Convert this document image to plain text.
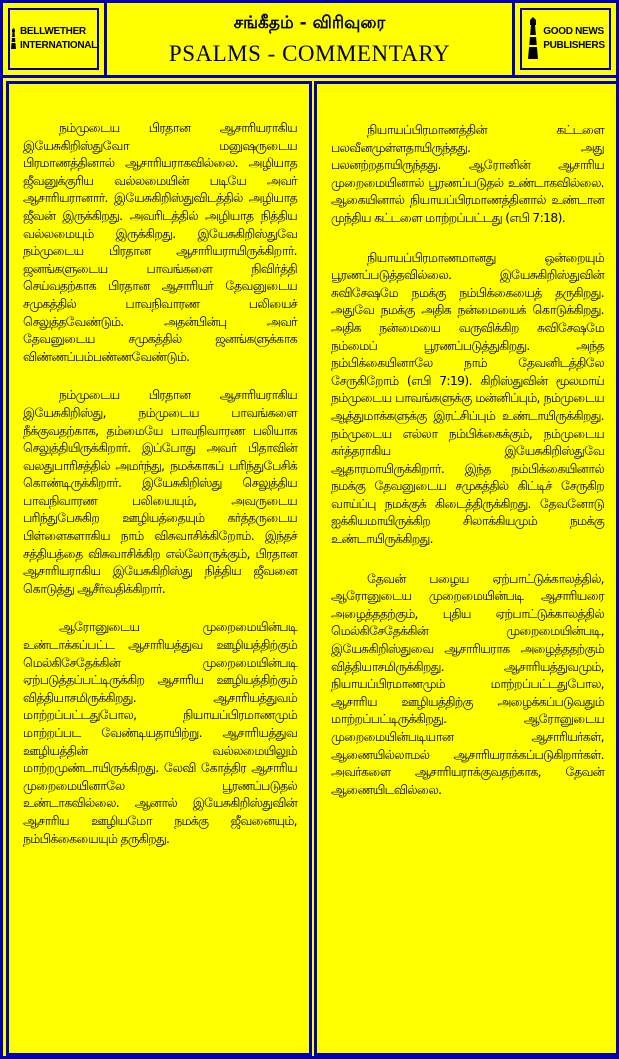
BELLWETHER
INTERNATIONAL
சங்கீதம் - விரிவுரை
PSALMS - COMMENTARY
GOOD NEWS
PUBLISHERS

நம்முடைய பிரதான ஆசாரியராகிய இயேசுகிறிஸ்துவோ மனுஷருடைய பிரமாணத்தினால் ஆசாரியராகவில்லை. அழியாத ஜீவனுக்குரிய வல்லமையின் படியே அவர் ஆசாரியரானார். இயேசுகிறிஸ்துவிடத்தில் அழியாத ஜீவன் இருக்கிறது. அவரிடத்தில் அழியாத நித்திய வல்லமையும் இருக்கிறது. இயேசுகிறிஸ்துவே நம்முடைய பிரதான ஆசாரியராயிருக்கிறார். ஜனங்களுடைய பாவங்களை நிவிர்த்தி செய்வதற்காக பிரதான ஆசாரியர் தேவனுடைய சமுகத்தில் பாவநிவாரண பலியைச் செலுத்தவேண்டும். அதன்பின்பு அவர் தேவனுடைய சமுகத்தில் ஜனங்களுக்காக விண்ணப்பம்பண்ணவேண்டும்.

நம்முடைய பிரதான ஆசாரியராகிய இயேசுகிறிஸ்து, நம்முடைய பாவங்களை நீக்குவதற்காக, தம்மையே பாவநிவாரண பலியாக செலுத்தியிருக்கிறார். இப்போது அவர் பிதாவின் வலதுபாரிசத்தில் அமர்ந்து, நமக்காகப் பரிந்துபேசிக் கொண்டிருக்கிறார். இயேசுகிறிஸ்து செலுத்திய பாவநிவாரண பலியையும், அவருடைய பரிந்துபேசுகிற ஊழியத்தையும் கர்த்தருடைய பிள்ளைகளாகிய நாம் விசுவாசிக்கிறோம். இந்தச் சத்தியத்தை விசுவாசிக்கிற எல்லோருக்கும், பிரதான ஆசாரியராகிய இயேசுகிறிஸ்து நித்திய ஜீவனை கொடுத்து ஆசீர்வதிக்கிறார்.

ஆரோனுடைய முறைமையின்படி உண்டாக்கப்பட்ட ஆசாரியத்துவ ஊழியத்திற்கும் மெல்கிசேதேக்கின் முறைமையின்படி ஏற்படுத்தப்பட்டிருக்கிற ஆசாரிய ஊழியத்திற்கும் வித்தியாசமிருக்கிறது. ஆசாரியத்துவம் மாற்றப்பட்டதுபோல, நியாயப்பிரமாணமும் மாற்றப்பட வேண்டியதாயிற்று. ஆசாரியத்துவ ஊழியத்தின் வல்லமையிலும் மாற்றமுண்டாயிருக்கிறது. லேவி கோத்திர ஆசாரிய முறைமையினாலே பூரணப்படுதல் உண்டாகவில்லை. ஆனால் இயேசுகிறிஸ்துவின் ஆசாரிய ஊழியமோ நமக்கு ஜீவனையும், நம்பிக்கையையும் தருகிறது.

நியாயப்பிரமாணத்தின் கட்டளை பலவீனமுள்ளதாயிருந்தது. அது பலனற்றதாயிருந்தது. ஆரோனின் ஆசாரிய முறைமையினால் பூரணப்படுதல் உண்டாகவில்லை. ஆகையினால் நியாயப்பிரமாணத்தினால் உண்டான முந்திய கட்டளை மாற்றப்பட்டது (எபி 7:18).

நியாயப்பிரமாணமானது ஒன்றையும் பூரணப்படுத்தவில்லை. இயேசுகிறிஸ்துவின் சுவிசேஷமே நமக்கு நம்பிக்கையைத் தருகிறது. அதுவே நமக்கு அதிக நன்மையைக் கொடுக்கிறது. அதிக நன்மையை வருவிக்கிற சுவிசேஷமே நம்மைப் பூரணப்படுத்துகிறது. அந்த நம்பிக்கையினாலே நாம் தேவனிடத்திலே சேருகிறோம் (எபி 7:19). கிறிஸ்துவின் மூலமாய் நம்முடைய பாவங்களுக்கு மன்னிப்பும், நம்முடைய ஆத்துமாக்களுக்கு இரட்சிப்பும் உண்டாயிருக்கிறது. நம்முடைய எல்லா நம்பிக்கைக்கும், நம்முடைய கர்த்தராகிய இயேசுகிறிஸ்துவே ஆதாரமாயிருக்கிறார். இந்த நம்பிக்கையினால் நமக்கு தேவனுடைய சமுகத்தில் கிட்டிச் சேருகிற வாய்ப்பு நமக்குக் கிடைத்திருக்கிறது. தேவனோடு ஐக்கியமாயிருக்கிற சிலாக்கியமும் நமக்கு உண்டாயிருக்கிறது.

தேவன் பழைய ஏற்பாட்டுக்காலத்தில், ஆரோனுடைய முறைமையின்படி ஆசாரியரை அழைத்ததற்கும், புதிய ஏற்பாட்டுக்காலத்தில் மெல்கிசேதேக்கின் முறைமையின்படி, இயேசுகிறிஸ்துவை ஆசாரியராக அழைத்ததற்கும் வித்தியாசமிருக்கிறது. ஆசாரியத்துவமும், நியாயப்பிரமாணமும் மாற்றப்பட்டதுபோல, ஆசாரிய ஊழியத்திற்கு அழைக்கப்படுவதும் மாற்றப்பட்டிருக்கிறது. ஆரோனுடைய முறைமையின்படியான ஆசாரியர்கள், ஆணையில்லாமல் ஆசாரியராக்கப்படுகிறார்கள். அவர்களை ஆசாரியராக்குவதற்காக, தேவன் ஆணையிடவில்லை.
